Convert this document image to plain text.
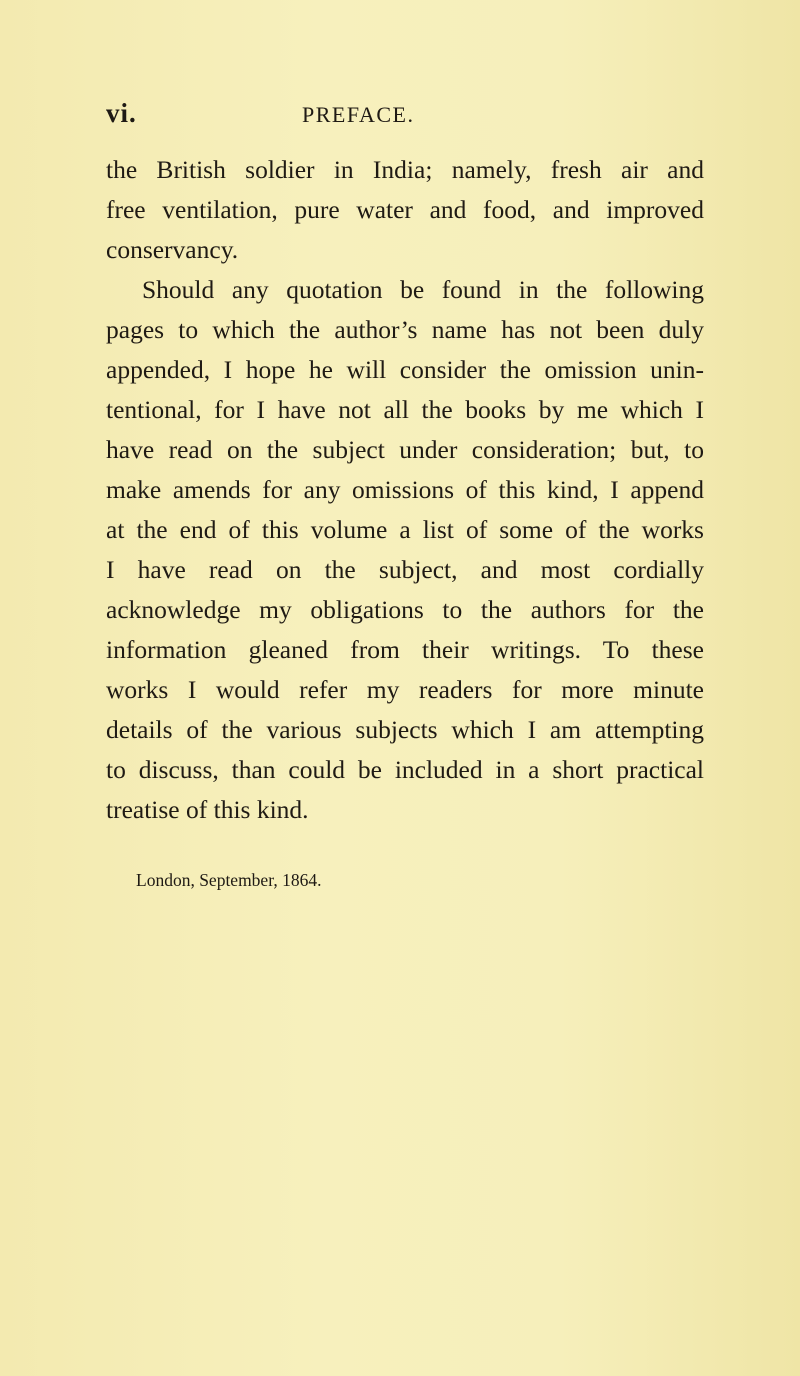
vi.	PREFACE.
the British soldier in India; namely, fresh air and
free ventilation, pure water and food, and improved
conservancy.
Should any quotation be found in the following
pages to which the author’s name has not been duly
appended, I hope he will consider the omission unin-
tentional, for I have not all the books by me which I
have read on the subject under consideration; but, to
make amends for any omissions of this kind, I append
at the end of this volume a list of some of the works
I have read on the subject, and most cordially
acknowledge my obligations to the authors for the
information gleaned from their writings. To these
works I would refer my readers for more minute
details of the various subjects which I am attempting
to discuss, than could be included in a short practical
treatise of this kind.
London, September, 1864.
